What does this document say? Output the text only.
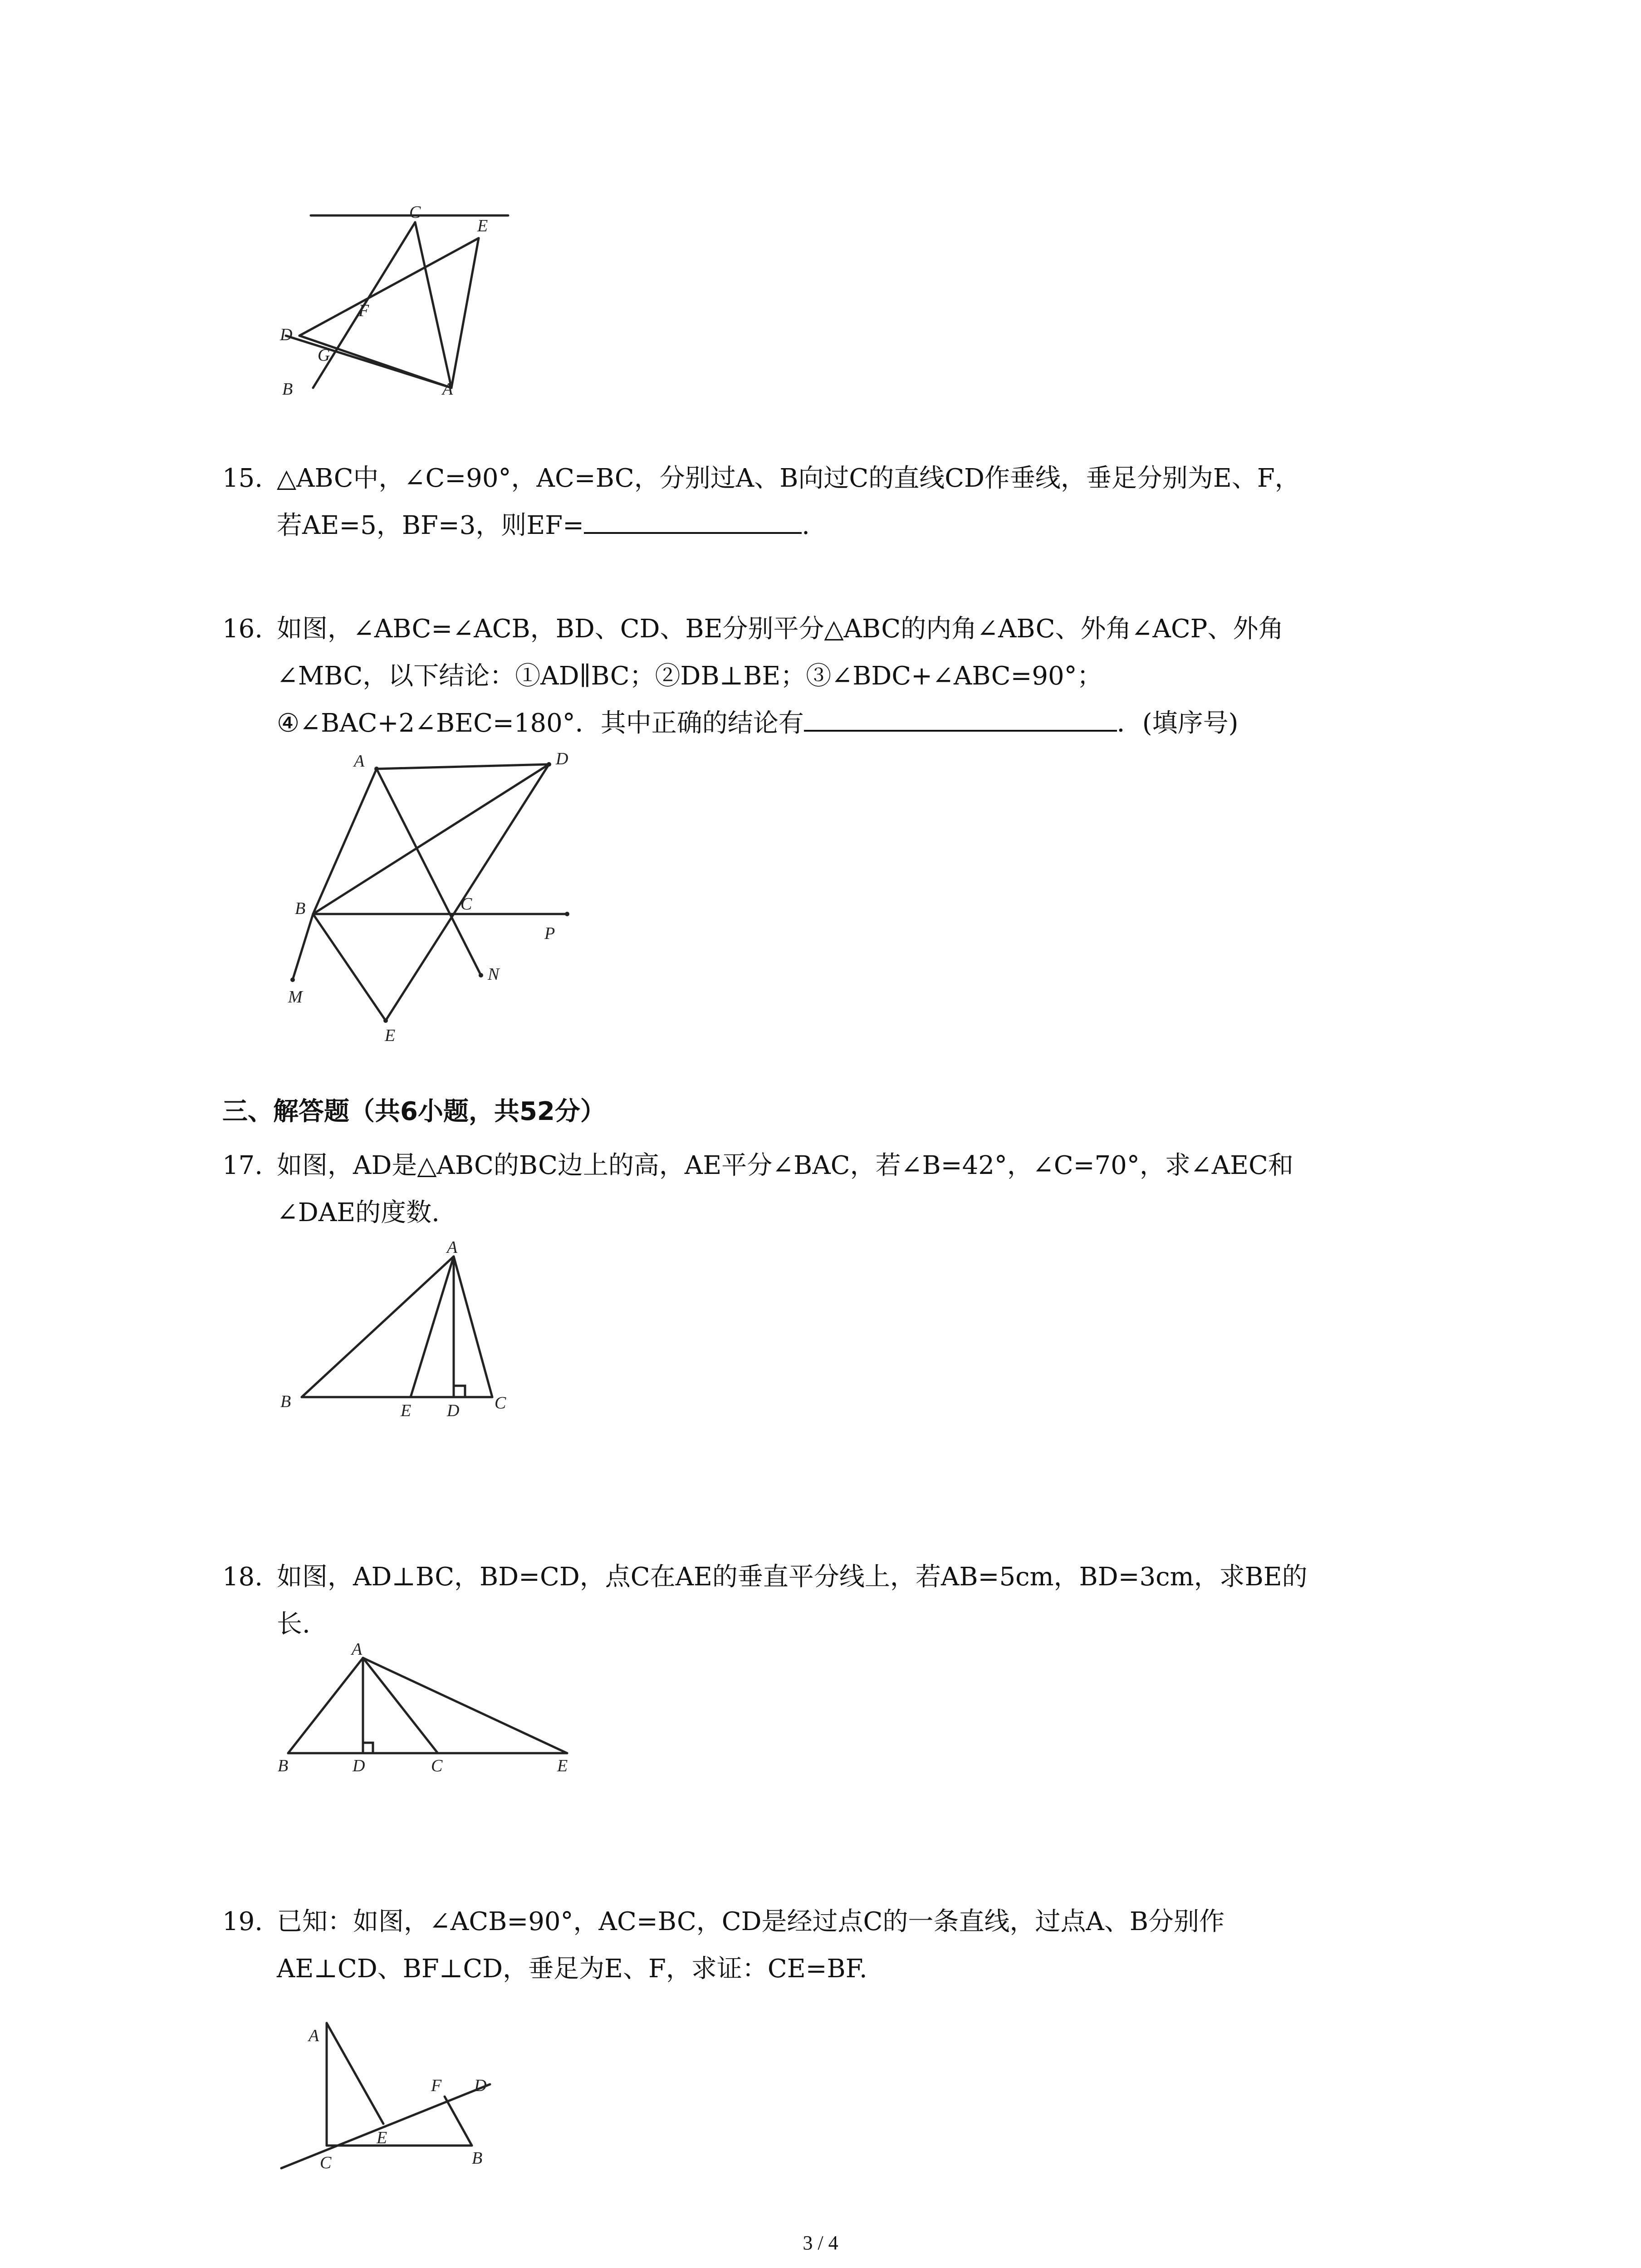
C
E
F
D
G
B	A
15. △ABC中，∠C=90°，AC=BC，分别过A、B向过C的直线CD作垂线，垂足分别为E、F，
若AE=5，BF=3，则EF=	.
16. 如图，∠ABC=∠ACB，BD、CD、BE分别平分△ABC的内角∠ABC、外角∠ACP、外角
∠MBC，以下结论：①AD∥BC；②DB⊥BE；③∠BDC+∠ABC=90°；
④∠BAC+2∠BEC=180°．其中正确的结论有	．(填序号)
A	D
B	C
P
M
N
E
三、解答题（共6小题，共52分）
17. 如图，AD是△ABC的BC边上的高，AE平分∠BAC，若∠B=42°，∠C=70°，求∠AEC和
∠DAE的度数.
A
B	E D C
18. 如图，AD⊥BC，BD=CD，点C在AE的垂直平分线上，若AB=5cm，BD=3cm，求BE的
长.
A
B	D	C	E
19. 已知：如图，∠ACB=90°，AC=BC，CD是经过点C的一条直线，过点A、B分别作
AE⊥CD、BF⊥CD，垂足为E、F，求证：CE=BF.
A
F D
E
C	B
3 / 4
